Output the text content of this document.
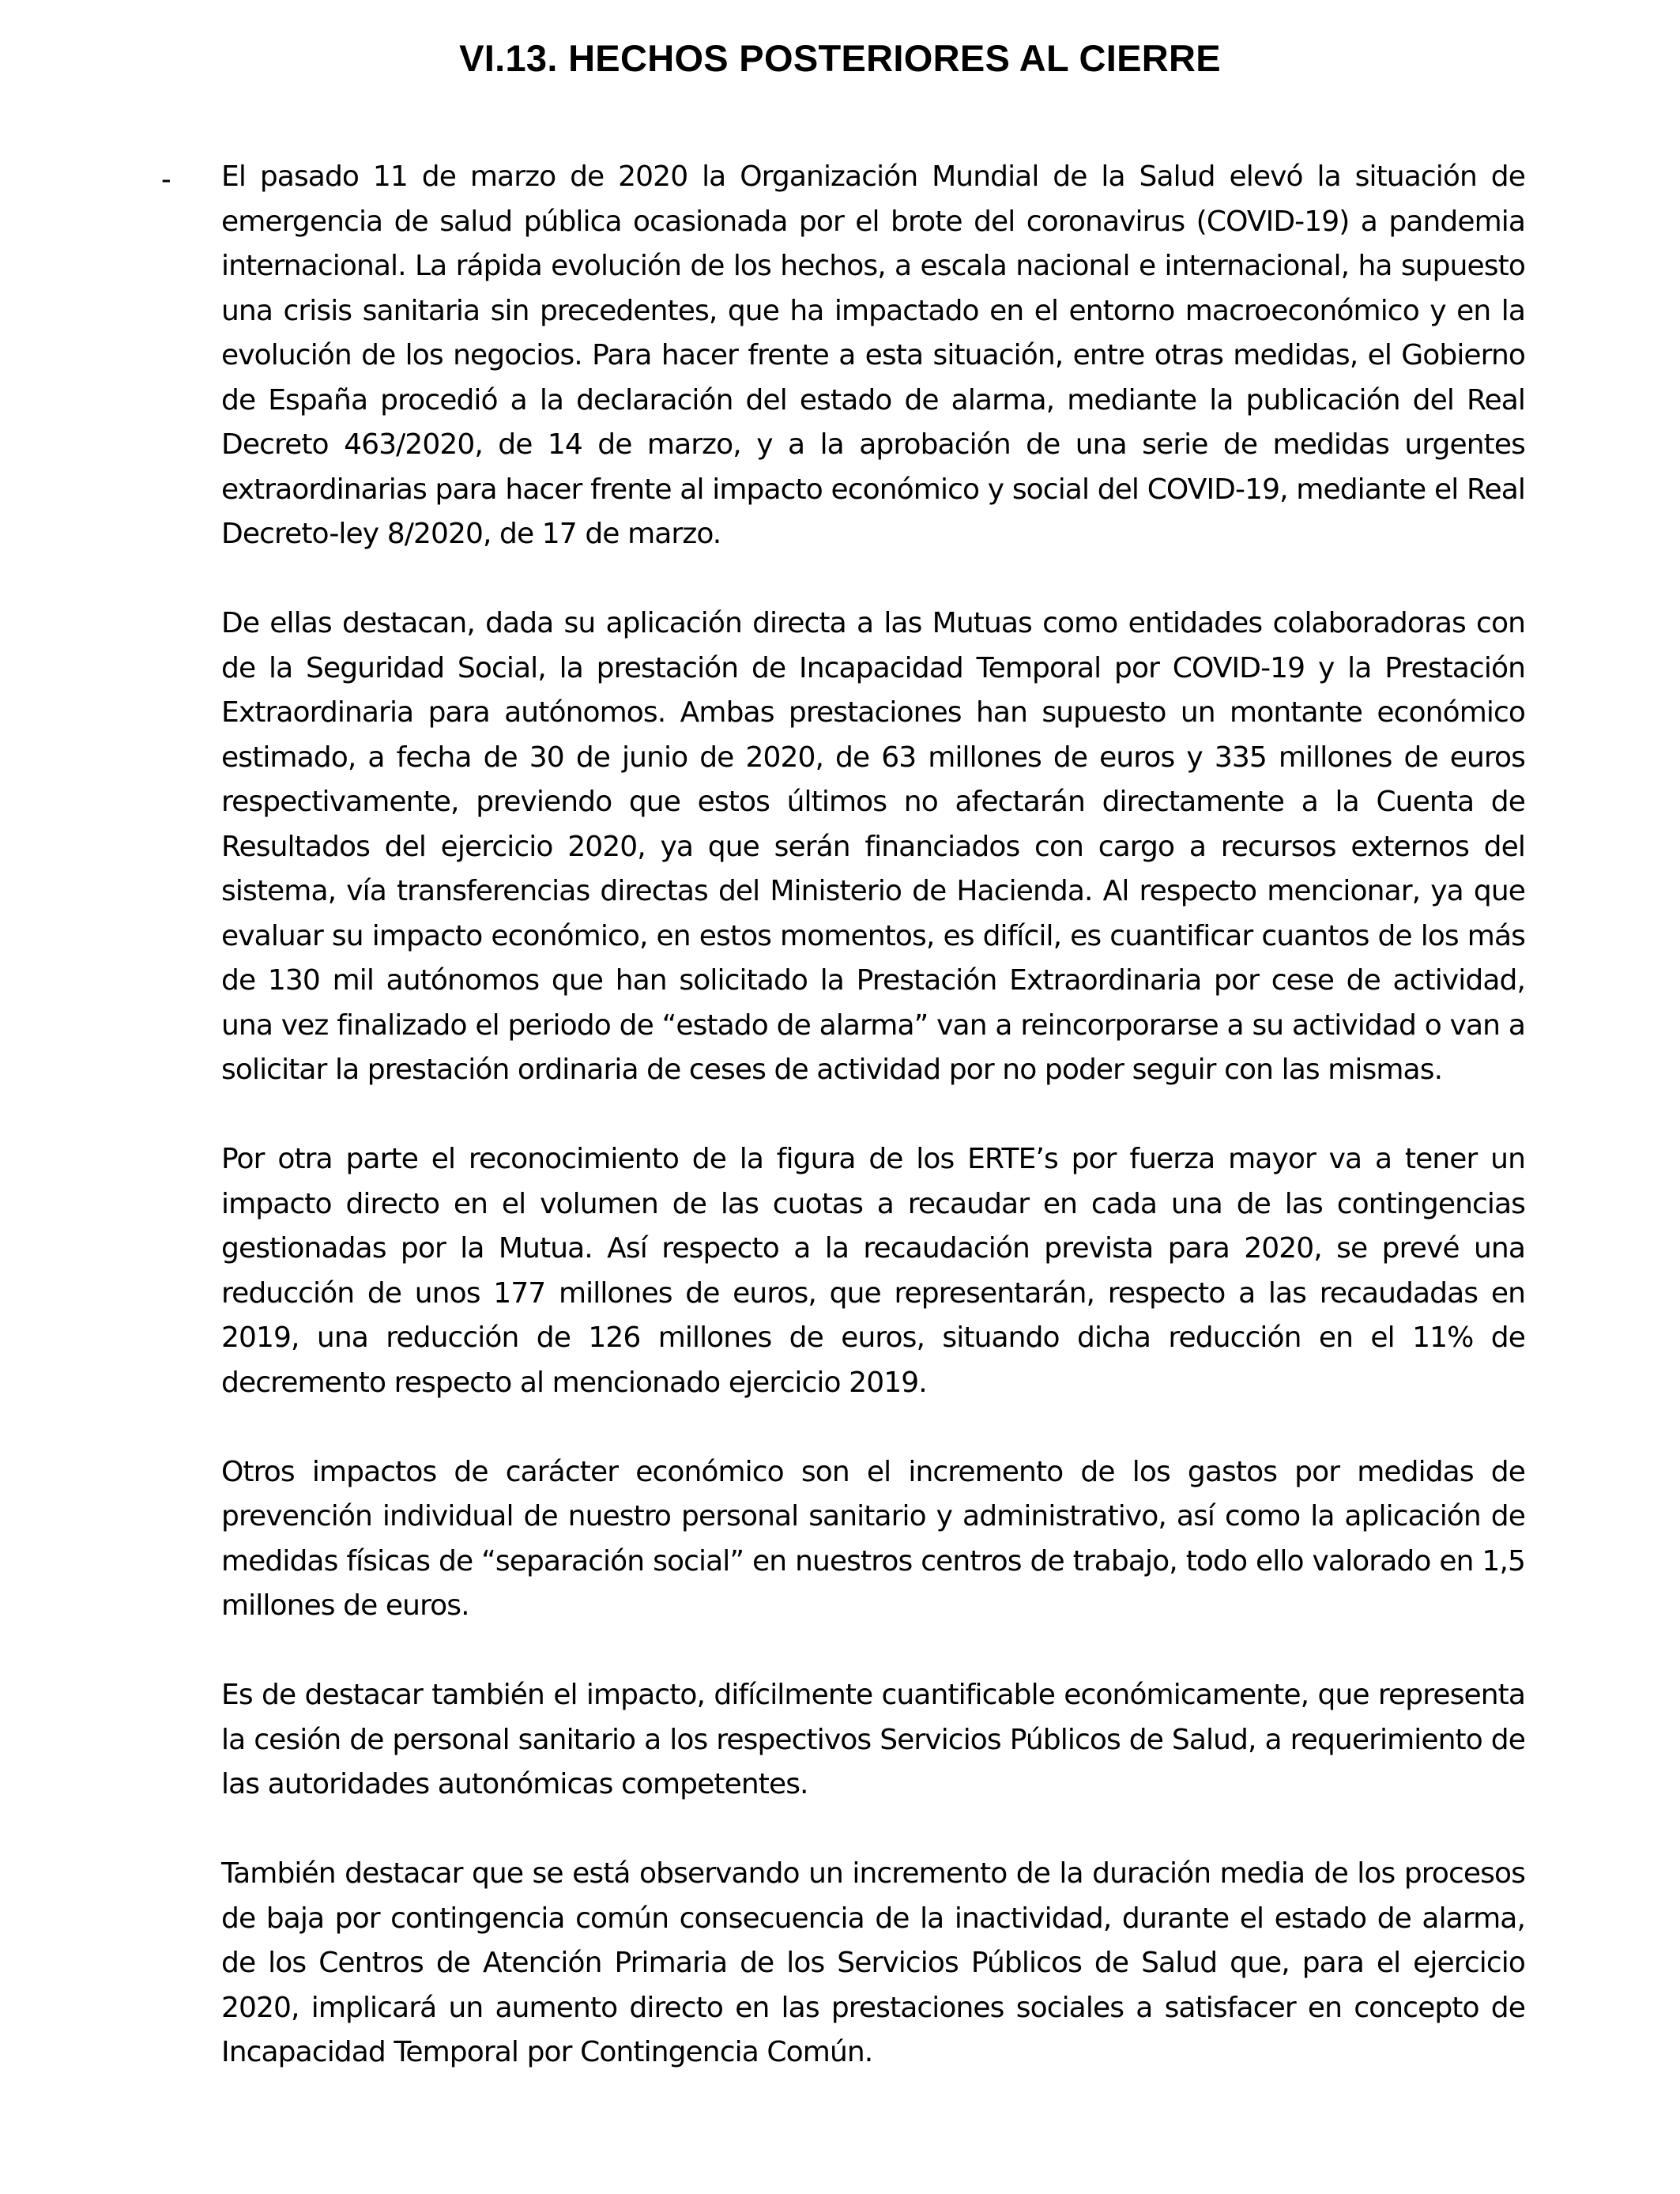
VI.13. HECHOS POSTERIORES AL CIERRE
- El pasado 11 de marzo de 2020 la Organización Mundial de la Salud elevó la situación de emergencia de salud pública ocasionada por el brote del coronavirus (COVID-19) a pandemia internacional. La rápida evolución de los hechos, a escala nacional e internacional, ha supuesto una crisis sanitaria sin precedentes, que ha impactado en el entorno macroeconómico y en la evolución de los negocios. Para hacer frente a esta situación, entre otras medidas, el Gobierno de España procedió a la declaración del estado de alarma, mediante la publicación del Real Decreto 463/2020, de 14 de marzo, y a la aprobación de una serie de medidas urgentes extraordinarias para hacer frente al impacto económico y social del COVID-19, mediante el Real Decreto-ley 8/2020, de 17 de marzo.

De ellas destacan, dada su aplicación directa a las Mutuas como entidades colaboradoras con de la Seguridad Social, la prestación de Incapacidad Temporal por COVID-19 y la Prestación Extraordinaria para autónomos. Ambas prestaciones han supuesto un montante económico estimado, a fecha de 30 de junio de 2020, de 63 millones de euros y 335 millones de euros respectivamente, previendo que estos últimos no afectarán directamente a la Cuenta de Resultados del ejercicio 2020, ya que serán financiados con cargo a recursos externos del sistema, vía transferencias directas del Ministerio de Hacienda. Al respecto mencionar, ya que evaluar su impacto económico, en estos momentos, es difícil, es cuantificar cuantos de los más de 130 mil autónomos que han solicitado la Prestación Extraordinaria por cese de actividad, una vez finalizado el periodo de “estado de alarma” van a reincorporarse a su actividad o van a solicitar la prestación ordinaria de ceses de actividad por no poder seguir con las mismas.

Por otra parte el reconocimiento de la figura de los ERTE’s por fuerza mayor va a tener un impacto directo en el volumen de las cuotas a recaudar en cada una de las contingencias gestionadas por la Mutua. Así respecto a la recaudación prevista para 2020, se prevé una reducción de unos 177 millones de euros, que representarán, respecto a las recaudadas en 2019, una reducción de 126 millones de euros, situando dicha reducción en el 11% de decremento respecto al mencionado ejercicio 2019.

Otros impactos de carácter económico son el incremento de los gastos por medidas de prevención individual de nuestro personal sanitario y administrativo, así como la aplicación de medidas físicas de “separación social” en nuestros centros de trabajo, todo ello valorado en 1,5 millones de euros.

Es de destacar también el impacto, difícilmente cuantificable económicamente, que representa la cesión de personal sanitario a los respectivos Servicios Públicos de Salud, a requerimiento de las autoridades autonómicas competentes.

También destacar que se está observando un incremento de la duración media de los procesos de baja por contingencia común consecuencia de la inactividad, durante el estado de alarma, de los Centros de Atención Primaria de los Servicios Públicos de Salud que, para el ejercicio 2020, implicará un aumento directo en las prestaciones sociales a satisfacer en concepto de Incapacidad Temporal por Contingencia Común.
